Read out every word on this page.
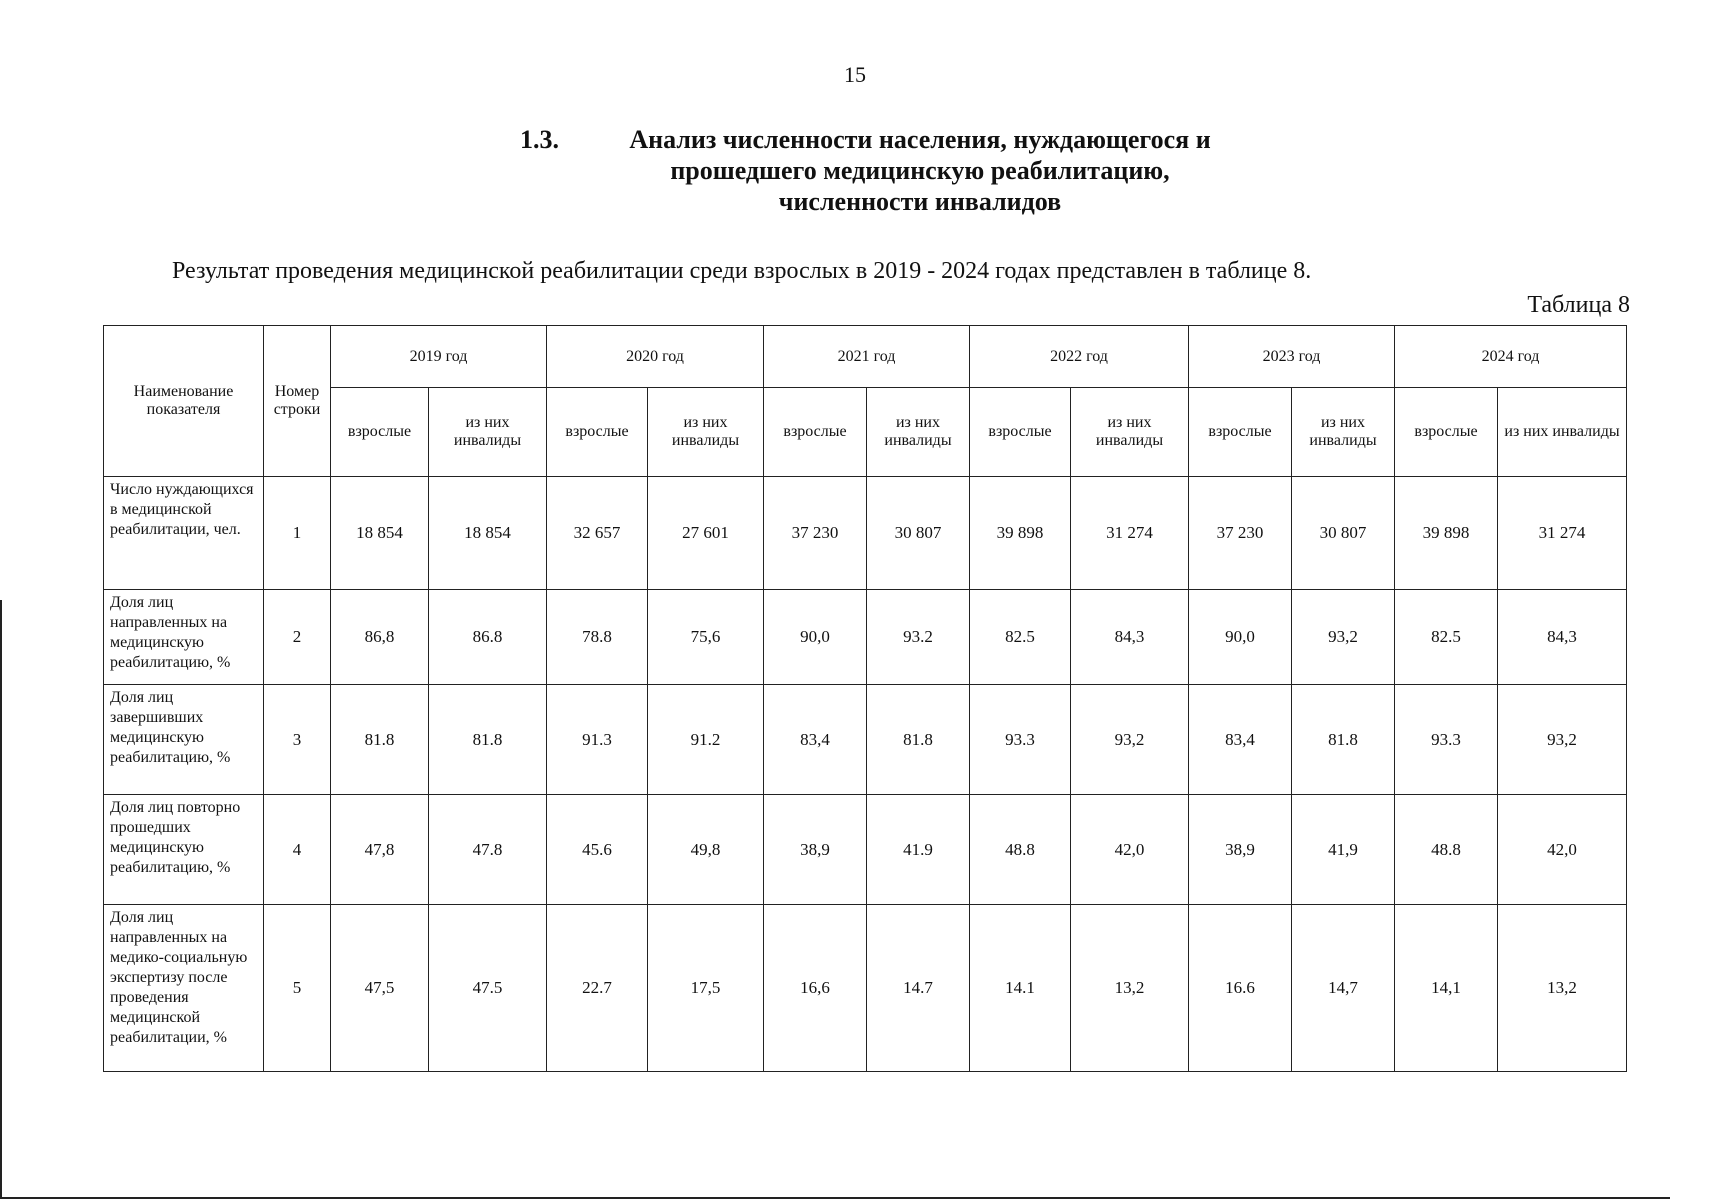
15
1.3.	Анализ численности населения, нуждающегося и
прошедшего медицинскую реабилитацию,
численности инвалидов
Результат проведения медицинской реабилитации среди взрослых в 2019 - 2024 годах представлен в таблице 8.
Таблица 8
Наименование показателя	Номер строки	2019 год		2020 год		2021 год		2022 год		2023 год		2024 год	
		взрослые	из них инвалиды	взрослые	из них инвалиды	взрослые	из них инвалиды	взрослые	из них инвалиды	взрослые	из них инвалиды	взрослые	из них инвалиды
Число нуждающихся в медицинской реабилитации, чел.	1	18 854	18 854	32 657	27 601	37 230	30 807	39 898	31 274	37 230	30 807	39 898	31 274
Доля лиц направленных на медицинскую реабилитацию, %	2	86,8	86.8	78.8	75,6	90,0	93.2	82.5	84,3	90,0	93,2	82.5	84,3
Доля лиц завершивших медицинскую реабилитацию, %	3	81.8	81.8	91.3	91.2	83,4	81.8	93.3	93,2	83,4	81.8	93.3	93,2
Доля лиц повторно прошедших медицинскую реабилитацию, %	4	47,8	47.8	45.6	49,8	38,9	41.9	48.8	42,0	38,9	41,9	48.8	42,0
Доля лиц направленных на медико-социальную экспертизу после проведения медицинской реабилитации, %	5	47,5	47.5	22.7	17,5	16,6	14.7	14.1	13,2	16.6	14,7	14,1	13,2
